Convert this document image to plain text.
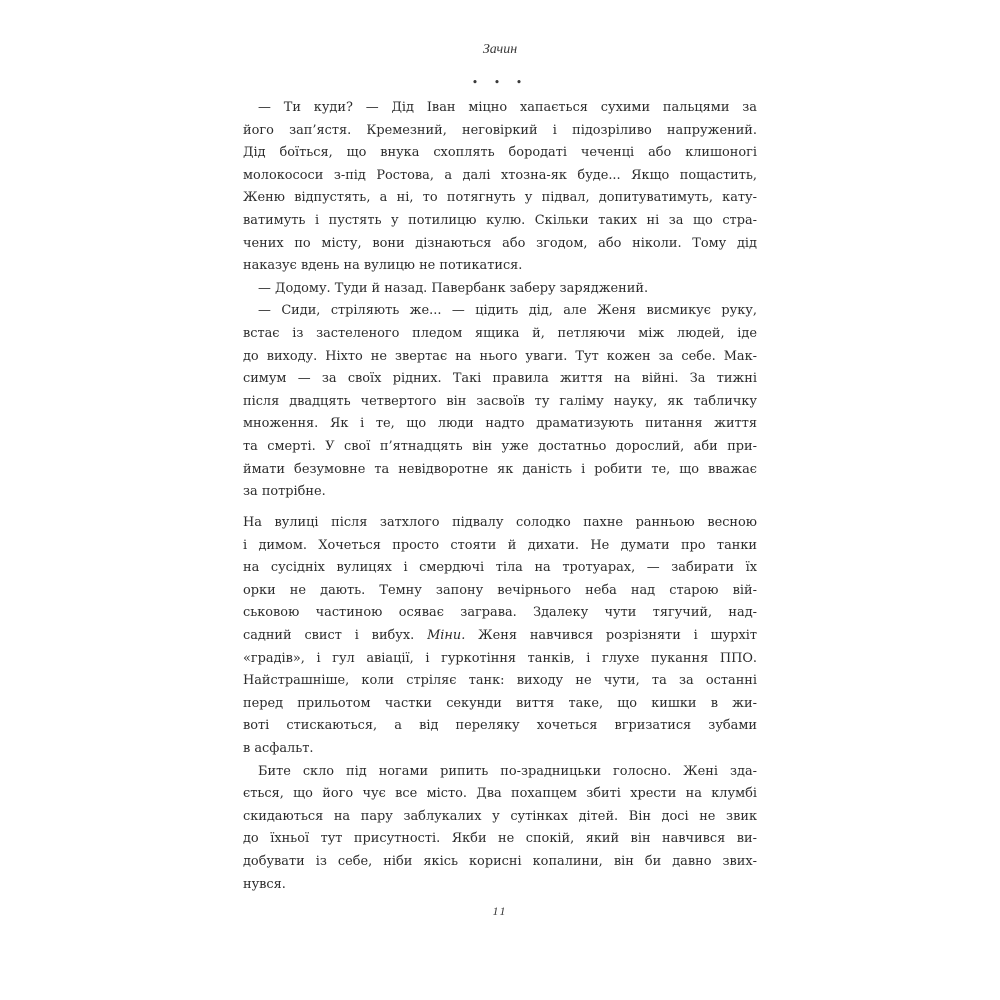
Зачин
• • •
— Ти куди? — Дід Іван міцно хапається сухими пальцями за
його зап’ястя. Кремезний, неговіркий і підозріливо напружений.
Дід боїться, що внука схоплять бородаті чеченці або клишоногі
молокососи з-під Ростова, а далі хтозна-як буде... Якщо пощастить,
Женю відпустять, а ні, то потягнуть у підвал, допитуватимуть, кату-
ватимуть і пустять у потилицю кулю. Скільки таких ні за що стра-
чених по місту, вони дізнаються або згодом, або ніколи. Тому дід
наказує вдень на вулицю не потикатися.
— Додому. Туди й назад. Павербанк заберу заряджений.
— Сиди, стріляють же... — цідить дід, але Женя висмикує руку,
встає із застеленого пледом ящика й, петляючи між людей, іде
до виходу. Ніхто не звертає на нього уваги. Тут кожен за себе. Мак-
симум — за своїх рідних. Такі правила життя на війні. За тижні
після двадцять четвертого він засвоїв ту галіму науку, як табличку
множення. Як і те, що люди надто драматизують питання життя
та смерті. У свої п’ятнадцять він уже достатньо дорослий, аби при-
ймати безумовне та невідворотне як даність і робити те, що вважає
за потрібне.
На вулиці після затхлого підвалу солодко пахне ранньою весною
і димом. Хочеться просто стояти й дихати. Не думати про танки
на сусідніх вулицях і смердючі тіла на тротуарах, — забирати їх
орки не дають. Темну запону вечірнього неба над старою вій-
ськовою частиною осяває заграва. Здалеку чути тягучий, над-
садний свист і вибух. Міни. Женя навчився розрізняти і шурхіт
«градів», і гул авіації, і гуркотіння танків, і глухе пукання ППО.
Найстрашніше, коли стріляє танк: виходу не чути, та за останні
перед прильотом частки секунди виття таке, що кишки в жи-
воті стискаються, а від переляку хочеться вгризатися зубами
в асфальт.
Бите скло під ногами рипить по-зрадницьки голосно. Жені зда-
ється, що його чує все місто. Два похапцем збиті хрести на клумбі
скидаються на пару заблукалих у сутінках дітей. Він досі не звик
до їхньої тут присутності. Якби не спокій, який він навчився ви-
добувати із себе, ніби якісь корисні копалини, він би давно звих-
нувся.
11
